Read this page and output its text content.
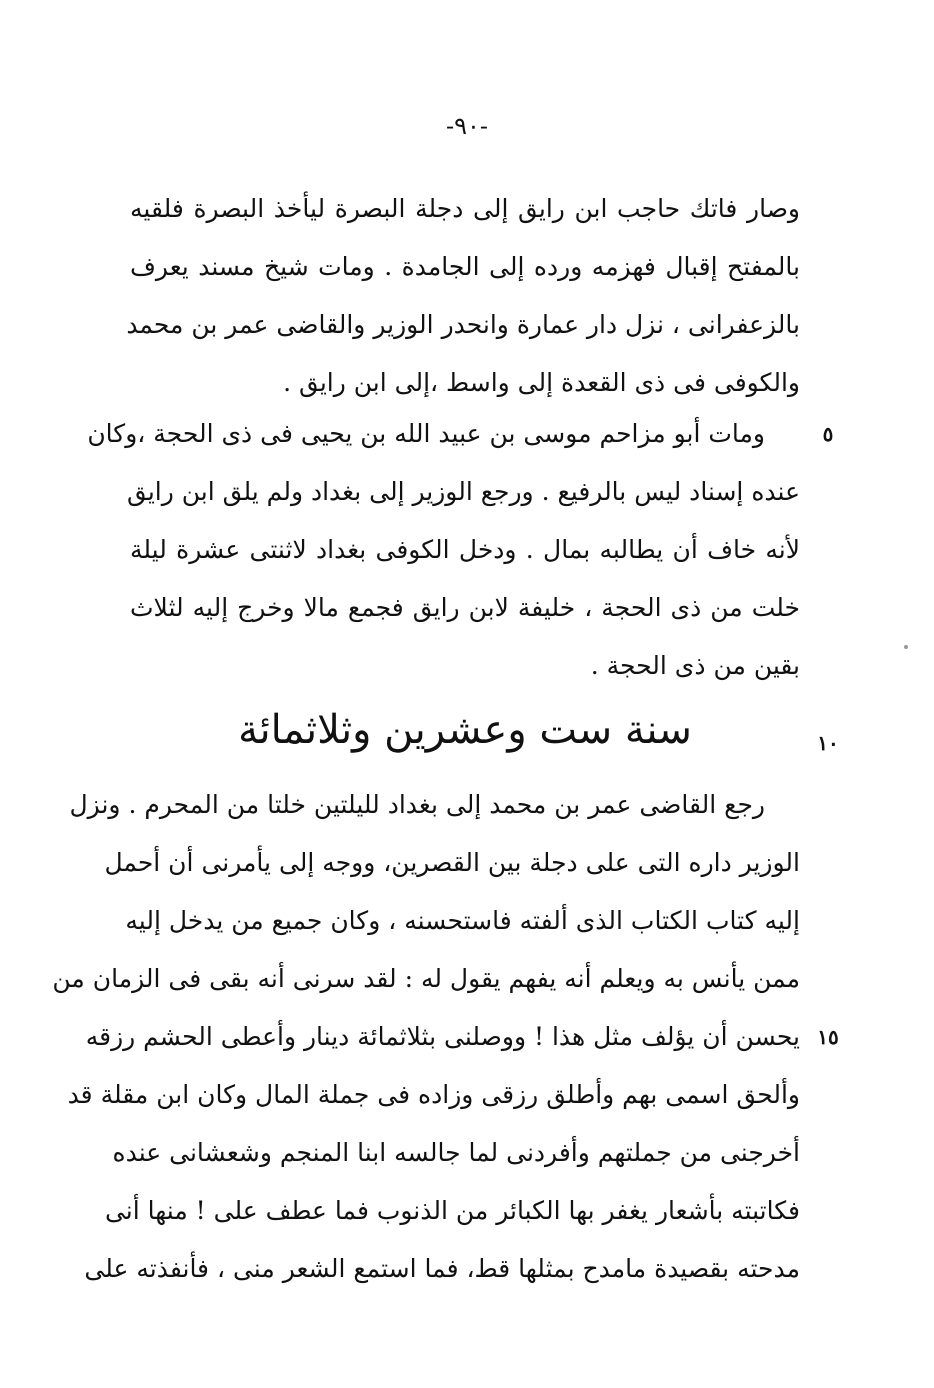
-٩٠-
وصار فاتك حاجب ابن رايق إلى دجلة البصرة ليأخذ البصرة فلقيه
بالمفتح إقبال فهزمه ورده إلى الجامدة . ومات شيخ مسند يعرف
بالزعفرانى ، نزل دار عمارة وانحدر الوزير والقاضى عمر بن محمد
والكوفى فى ذى القعدة إلى واسط ،إلى ابن رايق .
٥
ومات أبو مزاحم موسى بن عبيد الله بن يحيى فى ذى الحجة ،وكان
عنده إسناد ليس بالرفيع . ورجع الوزير إلى بغداد ولم يلق ابن رايق
لأنه خاف أن يطالبه بمال . ودخل الكوفى بغداد لاثنتى عشرة ليلة
خلت من ذى الحجة ، خليفة لابن رايق فجمع مالا وخرج إليه لثلاث
بقين من ذى الحجة .
١٠
سنة ست وعشرين وثلاثمائة
١٥
رجع القاضى عمر بن محمد إلى بغداد لليلتين خلتا من المحرم . ونزل
الوزير داره التى على دجلة بين القصرين، ووجه إلى يأمرنى أن أحمل
إليه كتاب الكتاب الذى ألفته فاستحسنه ، وكان جميع من يدخل إليه
ممن يأنس به ويعلم أنه يفهم يقول له : لقد سرنى أنه بقى فى الزمان من
يحسن أن يؤلف مثل هذا ! ووصلنى بثلاثمائة دينار وأعطى الحشم رزقه
وألحق اسمى بهم وأطلق رزقى وزاده فى جملة المال وكان ابن مقلة قد
أخرجنى من جملتهم وأفردنى لما جالسه ابنا المنجم وشعشانى عنده
فكاتبته بأشعار يغفر بها الكبائر من الذنوب فما عطف على ! منها أنى
مدحته بقصيدة مامدح بمثلها قط، فما استمع الشعر منى ، فأنفذته على
